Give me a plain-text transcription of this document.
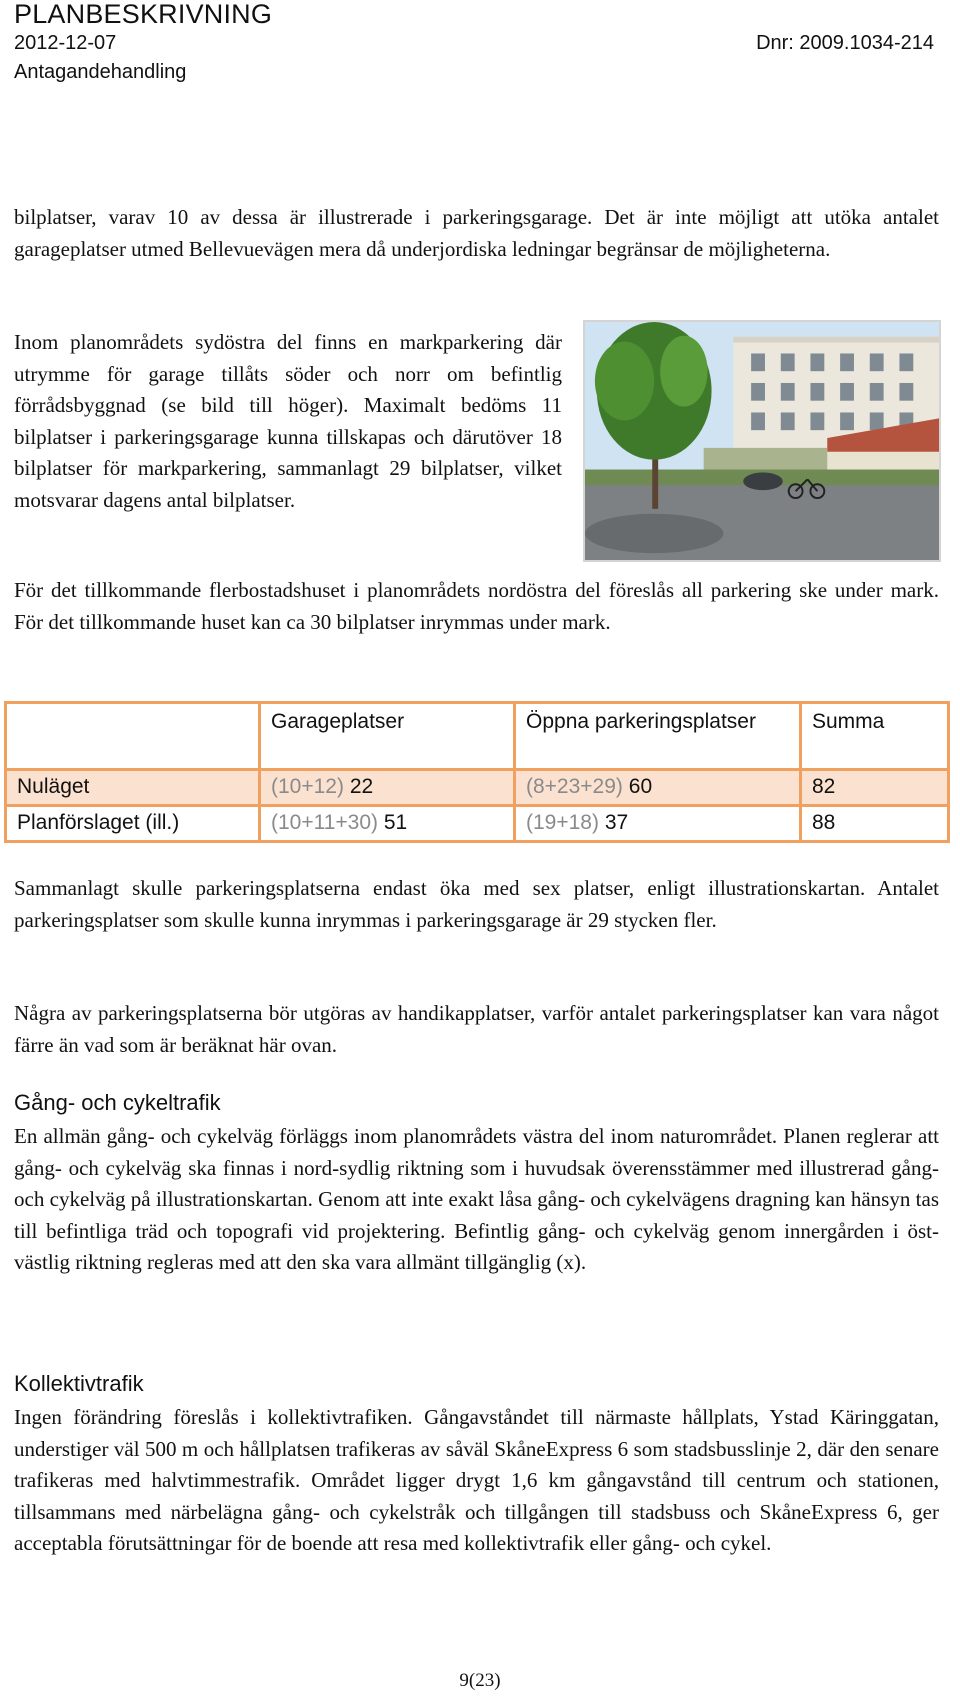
PLANBESKRIVNING
2012-12-07	Dnr: 2009.1034-214
Antagandehandling

bilplatser, varav 10 av dessa är illustrerade i parkeringsgarage. Det är inte möjligt att utöka antalet garageplatser utmed Bellevuevägen mera då underjordiska ledningar begränsar de möjligheterna.

Inom planområdets sydöstra del finns en markparkering där utrymme för garage tillåts söder och norr om befintlig förrådsbyggnad (se bild till höger). Maximalt bedöms 11 bilplatser i parkeringsgarage kunna tillskapas och därutöver 18 bilplatser för markparkering, sammanlagt 29 bilplatser, vilket motsvarar dagens antal bilplatser.

För det tillkommande flerbostadshuset i planområdets nordöstra del föreslås all parkering ske under mark. För det tillkommande huset kan ca 30 bilplatser inrymmas under mark.

	Garageplatser	Öppna parkeringsplatser	Summa
Nuläget	(10+12) 22	(8+23+29) 60	82
Planförslaget (ill.)	(10+11+30) 51	(19+18) 37	88

Sammanlagt skulle parkeringsplatserna endast öka med sex platser, enligt illustrationskartan. Antalet parkeringsplatser som skulle kunna inrymmas i parkeringsgarage är 29 stycken fler.

Några av parkeringsplatserna bör utgöras av handikapplatser, varför antalet parkeringsplatser kan vara något färre än vad som är beräknat här ovan.

Gång- och cykeltrafik

En allmän gång- och cykelväg förläggs inom planområdets västra del inom naturområdet. Planen reglerar att gång- och cykelväg ska finnas i nord-sydlig riktning som i huvudsak överensstämmer med illustrerad gång- och cykelväg på illustrationskartan. Genom att inte exakt låsa gång- och cykelvägens dragning kan hänsyn tas till befintliga träd och topografi vid projektering. Befintlig gång- och cykelväg genom innergården i öst- västlig riktning regleras med att den ska vara allmänt tillgänglig (x).

Kollektivtrafik

Ingen förändring föreslås i kollektivtrafiken. Gångavståndet till närmaste hållplats, Ystad Käringgatan, understiger väl 500 m och hållplatsen trafikeras av såväl SkåneExpress 6 som stadsbusslinje 2, där den senare trafikeras med halvtimmestrafik. Området ligger drygt 1,6 km gångavstånd till centrum och stationen, tillsammans med närbelägna gång- och cykelstråk och tillgången till stadsbuss och SkåneExpress 6, ger acceptabla förutsättningar för de boende att resa med kollektivtrafik eller gång- och cykel.

9(23)
